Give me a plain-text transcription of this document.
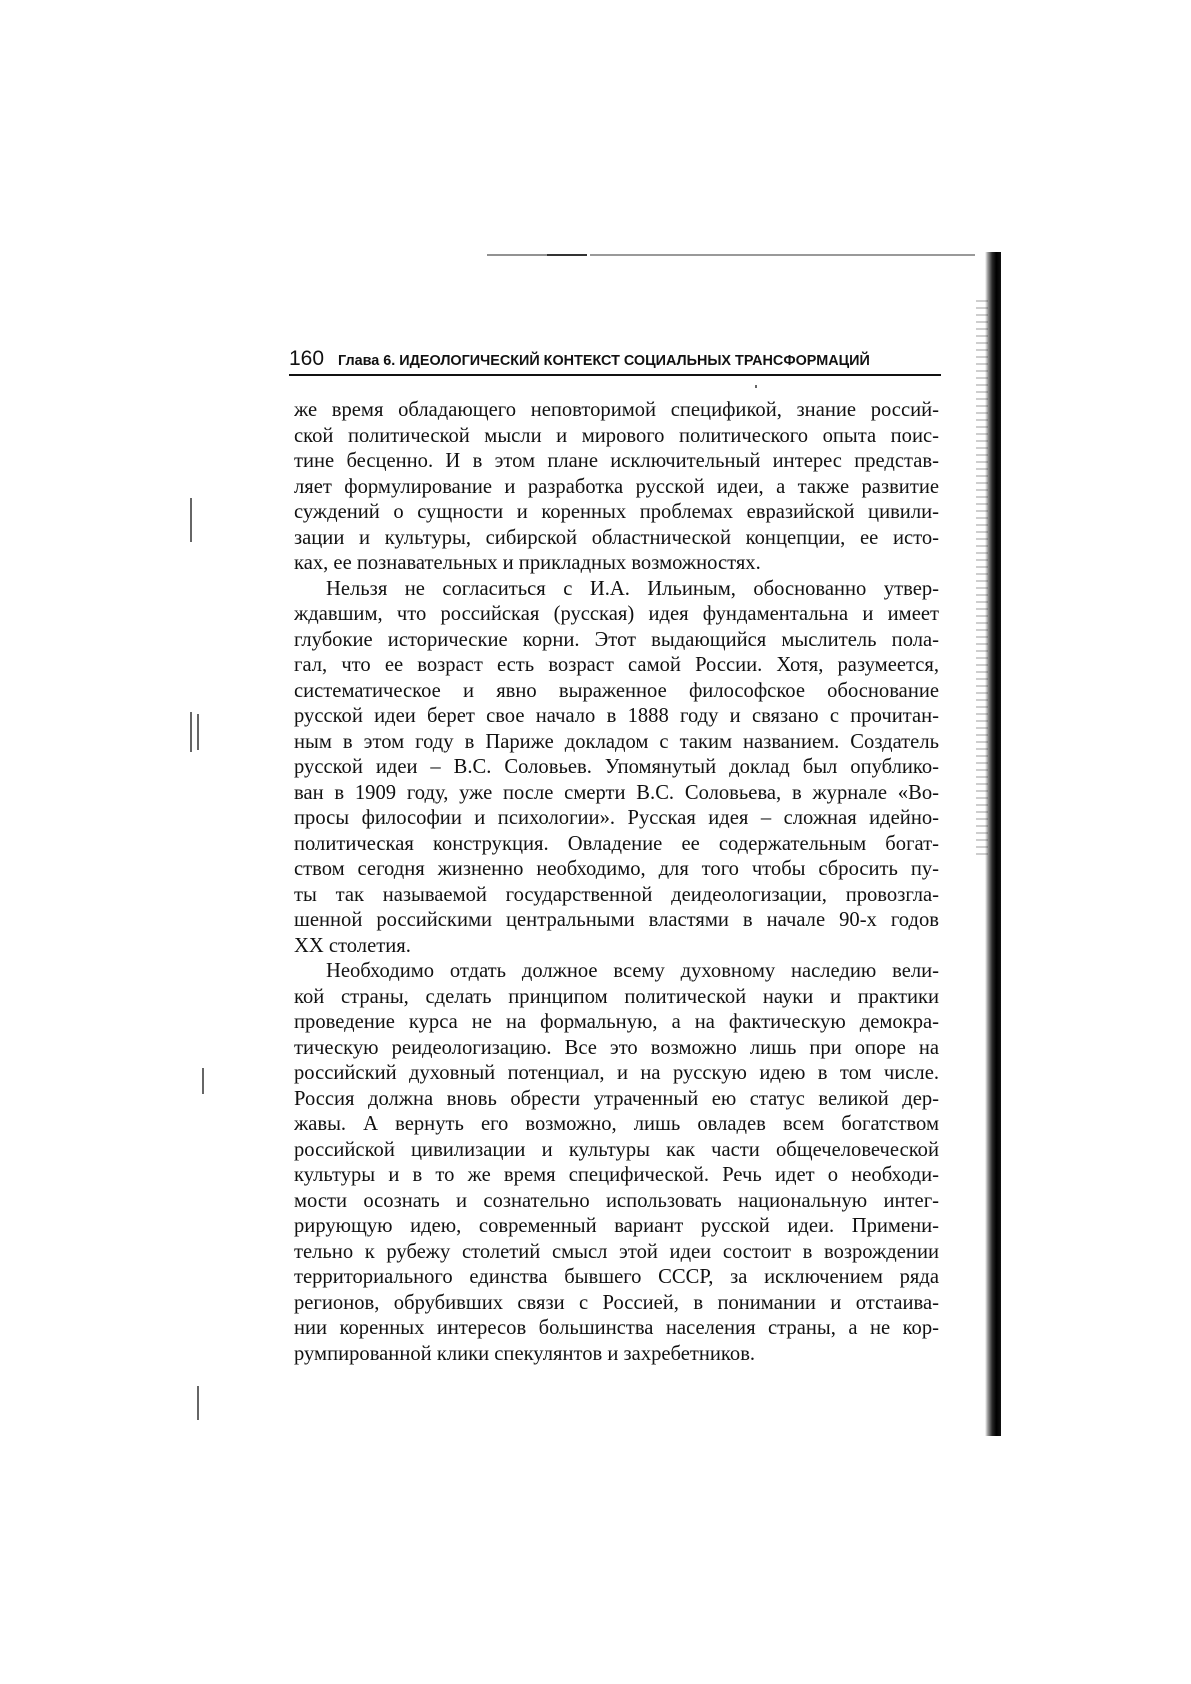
160 Глава 6. ИДЕОЛОГИЧЕСКИЙ КОНТЕКСТ СОЦИАЛЬНЫХ ТРАНСФОРМАЦИЙ
же время обладающего неповторимой спецификой, знание россий-
ской политической мысли и мирового политического опыта поис-
тине бесценно. И в этом плане исключительный интерес представ-
ляет формулирование и разработка русской идеи, а также развитие
суждений о сущности и коренных проблемах евразийской цивили-
зации и культуры, сибирской областнической концепции, ее исто-
ках, ее познавательных и прикладных возможностях.
Нельзя не согласиться с И.А. Ильиным, обоснованно утвер-
ждавшим, что российская (русская) идея фундаментальна и имеет
глубокие исторические корни. Этот выдающийся мыслитель пола-
гал, что ее возраст есть возраст самой России. Хотя, разумеется,
систематическое и явно выраженное философское обоснование
русской идеи берет свое начало в 1888 году и связано с прочитан-
ным в этом году в Париже докладом с таким названием. Создатель
русской идеи – В.С. Соловьев. Упомянутый доклад был опублико-
ван в 1909 году, уже после смерти В.С. Соловьева, в журнале «Во-
просы философии и психологии». Русская идея – сложная идейно-
политическая конструкция. Овладение ее содержательным богат-
ством сегодня жизненно необходимо, для того чтобы сбросить пу-
ты так называемой государственной деидеологизации, провозгла-
шенной российскими центральными властями в начале 90-х годов
XX столетия.
Необходимо отдать должное всему духовному наследию вели-
кой страны, сделать принципом политической науки и практики
проведение курса не на формальную, а на фактическую демокра-
тическую реидеологизацию. Все это возможно лишь при опоре на
российский духовный потенциал, и на русскую идею в том числе.
Россия должна вновь обрести утраченный ею статус великой дер-
жавы. А вернуть его возможно, лишь овладев всем богатством
российской цивилизации и культуры как части общечеловеческой
культуры и в то же время специфической. Речь идет о необходи-
мости осознать и сознательно использовать национальную интег-
рирующую идею, современный вариант русской идеи. Примени-
тельно к рубежу столетий смысл этой идеи состоит в возрождении
территориального единства бывшего СССР, за исключением ряда
регионов, обрубивших связи с Россией, в понимании и отстаива-
нии коренных интересов большинства населения страны, а не кор-
румпированной клики спекулянтов и захребетников.
